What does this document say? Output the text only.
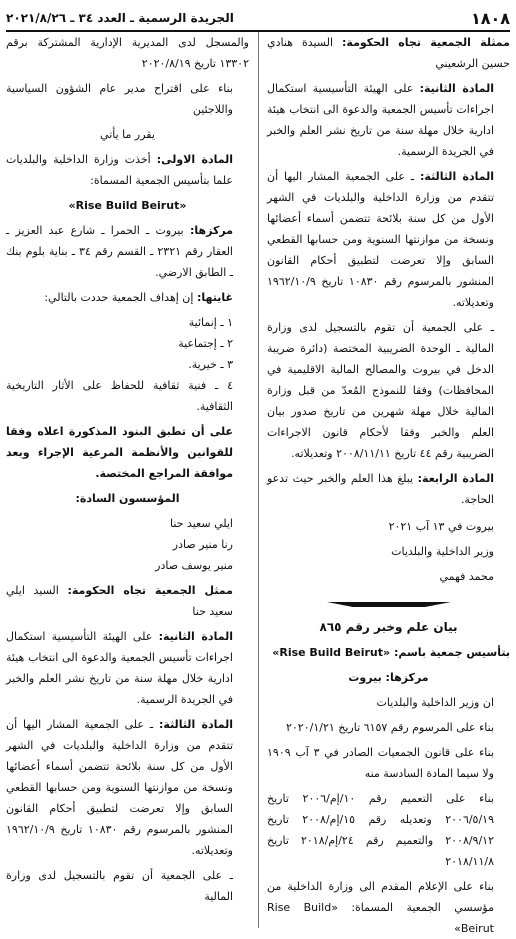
١٨٠٨
الجريدة الرسمية ـ العدد ٣٤ ـ ٢٠٢١/٨/٢٦

ممثلة الجمعية تجاه الحكومة: السيدة هنادي حسين الرشعيني

المادة الثانية: على الهيئة التأسيسية استكمال اجراءات تأسيس الجمعية والدعوة الى انتخاب هيئة ادارية خلال مهلة سنة من تاريخ نشر العلم والخبر في الجريدة الرسمية.

المادة الثالثة: ـ على الجمعية المشار اليها أن تتقدم من وزارة الداخلية والبلديات في الشهر الأول من كل سنة بلائحة تتضمن أسماء أعضائها ونسخة من موازنتها السنوية ومن حسابها القطعي السابق وإلا تعرضت لتطبيق أحكام القانون المنشور بالمرسوم رقم ١٠٨٣٠ تاريخ ١٩٦٢/١٠/٩ وتعديلاته.

ـ على الجمعية أن تقوم بالتسجيل لدى وزارة المالية ـ الوحدة الضريبية المختصة (دائرة ضريبة الدخل في بيروت والمصالح المالية الاقليمية في المحافظات) وفقا للنموذج المُعدّ من قبل وزارة المالية خلال مهلة شهرين من تاريخ صدور بيان العلم والخبر وفقا لأحكام قانون الاجراءات الضريبية رقم ٤٤ تاريخ ٢٠٠٨/١١/١١ وتعديلاته.

المادة الرابعة: يبلغ هذا العلم والخبر حيث تدعو الحاجة.

بيروت في ١٣ آب ٢٠٢١

وزير الداخلية والبلديات

محمد فهمي

بيان علم وخبر رقم ٨٦٥

بتأسيس جمعية باسم: «Rise Build Beirut»

مركزها: بيروت

ان وزير الداخلية والبلديات

بناء على المرسوم رقم ٦١٥٧ تاريخ ٢٠٢٠/١/٢١

بناء على قانون الجمعيات الصادر في ٣ آب ١٩٠٩ ولا سيما المادة السادسة منه

بناء على التعميم رقم ١٠/إم/٢٠٠٦ تاريخ ٢٠٠٦/٥/١٩ وتعديله رقم ١٥/إم/٢٠٠٨ تاريخ ٢٠٠٨/٩/١٢ والتعميم رقم ٢٤/إم/٢٠١٨ تاريخ ٢٠١٨/١١/٨

بناء على الإعلام المقدم الى وزارة الداخلية من مؤسسي الجمعية المسماة: «Rise Build Beirut»

والمسجل لدى المديرية الإدارية المشتركة برقم ١٣٣٠٢ تاريخ ٢٠٢٠/٨/١٩

بناء على اقتراح مدير عام الشؤون السياسية واللاجئين

يقرر ما يأتي

المادة الاولى: أخذت وزارة الداخلية والبلديات علما بتأسيس الجمعية المسماة:

«Rise Build Beirut»

مركزها: بيروت ـ الحمرا ـ شارع عبد العزيز ـ العقار رقم ٢٣٢١ ـ القسم رقم ٣٤ ـ بناية بلوم بنك ـ الطابق الارضي.

غايتها: إن إهداف الجمعية حددت بالتالي:

١ ـ إنمائية

٢ ـ إجتماعية

٣ ـ خيرية.

٤ ـ فنية ثقافية للحفاظ على الأثار التاريخية الثقافية.

على أن تطبق البنود المذكورة اعلاه وفقا للقوانين والأنظمة المرعية الإجراء وبعد موافقة المراجع المختصة.

المؤسسون السادة:

ايلي سعيد حنا

رنا منير صادر

منير يوسف صادر

ممثل الجمعية تجاه الحكومة: السيد ايلي سعيد حنا

المادة الثانية: على الهيئة التأسيسية استكمال اجراءات تأسيس الجمعية والدعوة الى انتخاب هيئة ادارية خلال مهلة سنة من تاريخ نشر العلم والخبر في الجريدة الرسمية.

المادة الثالثة: ـ على الجمعية المشار اليها أن تتقدم من وزارة الداخلية والبلديات في الشهر الأول من كل سنة بلائحة تتضمن أسماء أعضائها ونسخة من موازنتها السنوية ومن حسابها القطعي السابق وإلا تعرضت لتطبيق أحكام القانون المنشور بالمرسوم رقم ١٠٨٣٠ تاريخ ١٩٦٢/١٠/٩ وتعديلاته.

ـ على الجمعية أن تقوم بالتسجيل لدى وزارة المالية
